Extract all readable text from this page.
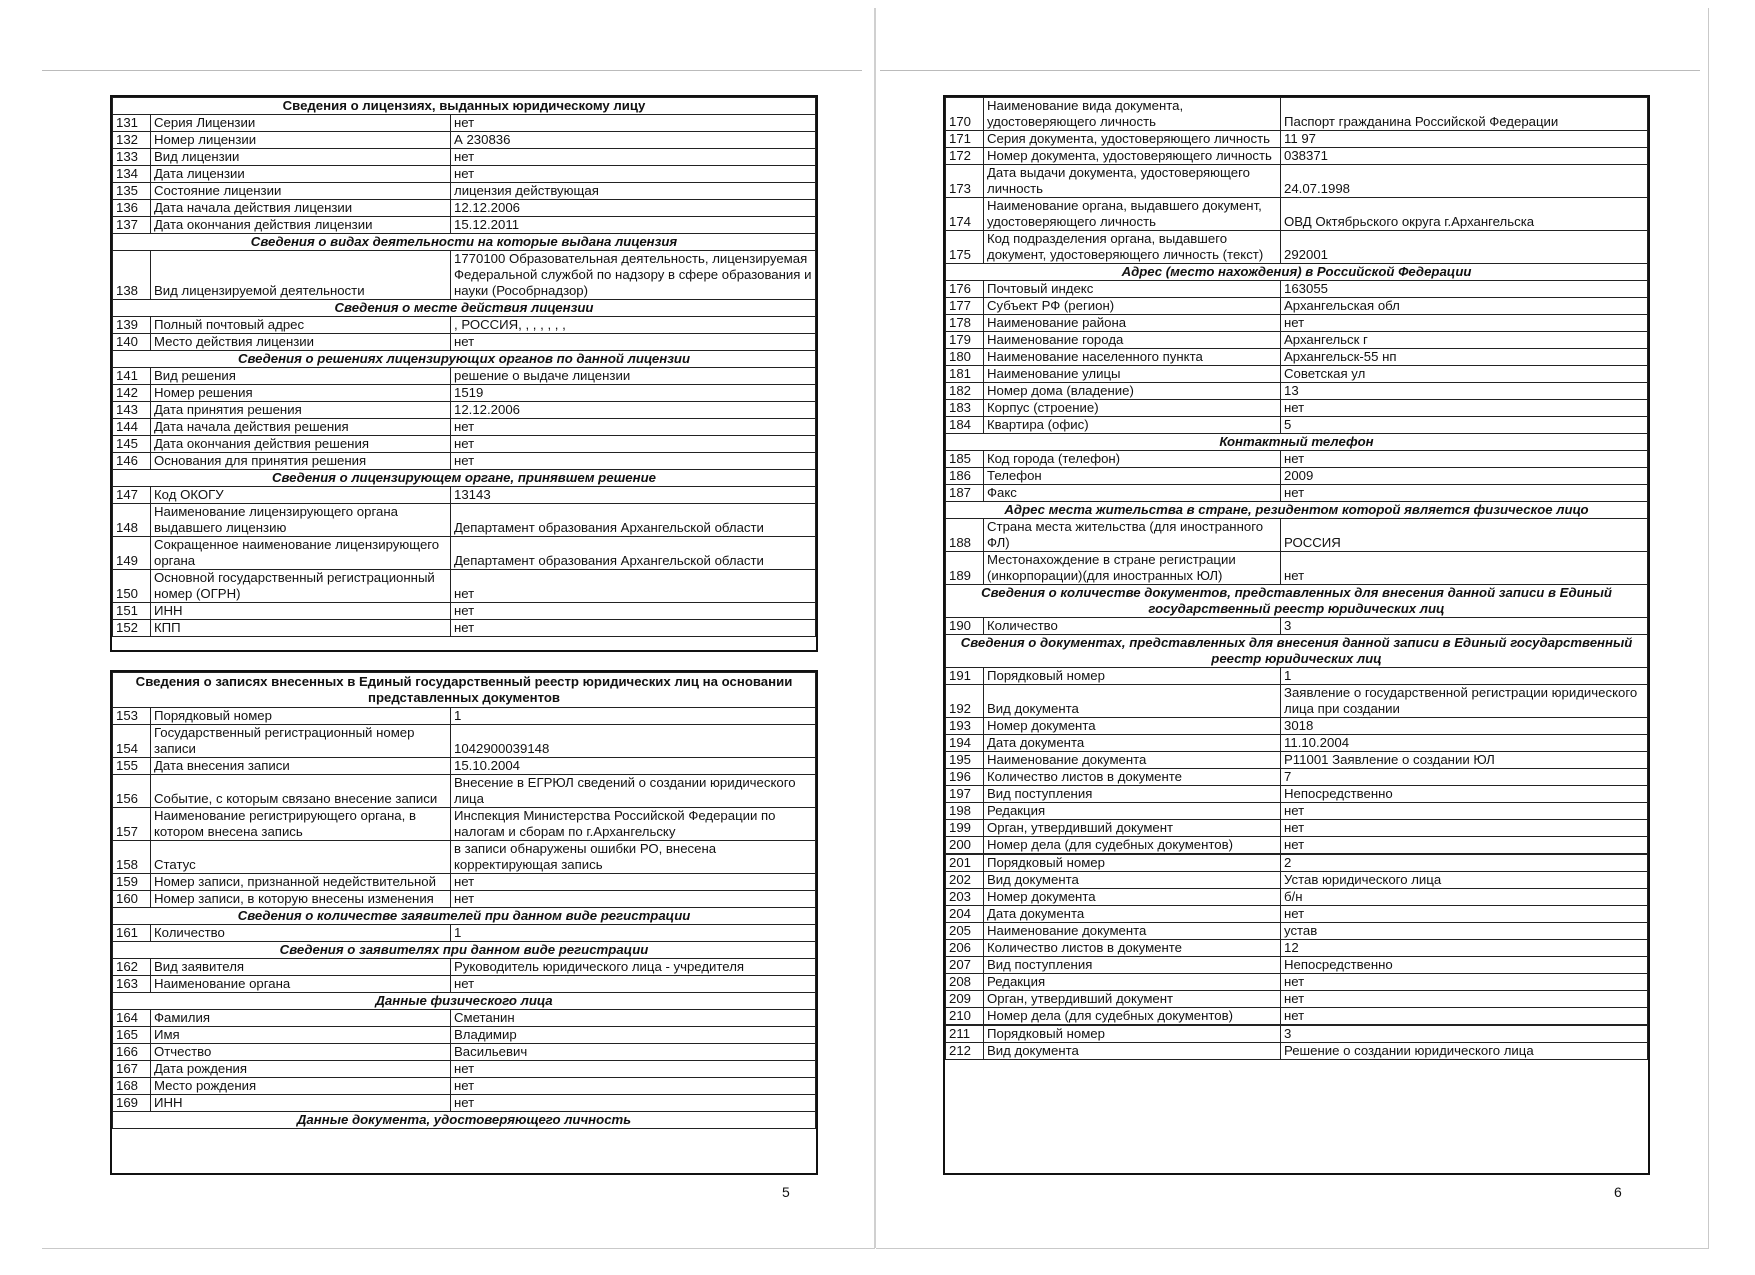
Сведения о лицензиях, выданных юридическому лицу		
131	Серия Лицензии	нет
132	Номер лицензии	А 230836
133	Вид лицензии	нет
134	Дата лицензии	нет
135	Состояние лицензии	лицензия действующая
136	Дата начала действия лицензии	12.12.2006
137	Дата окончания действия лицензии	15.12.2011
Сведения о видах деятельности на которые выдана лицензия		
138	Вид лицензируемой деятельности	1770100 Образовательная деятельность, лицензируемая Федеральной службой по надзору в сфере образования и науки (Рособрнадзор)
Сведения о месте действия лицензии		
139	Полный почтовый адрес	, РОССИЯ, , , , , , ,
140	Место действия лицензии	нет
Сведения о решениях лицензирующих органов по данной лицензии		
141	Вид решения	решение о выдаче лицензии
142	Номер решения	1519
143	Дата принятия решения	12.12.2006
144	Дата начала действия решения	нет
145	Дата окончания действия решения	нет
146	Основания для принятия решения	нет
Сведения о лицензирующем органе, принявшем решение		
147	Код ОКОГУ	13143
148	Наименование лицензирующего органа выдавшего лицензию	Департамент образования Архангельской области
149	Сокращенное наименование лицензирующего органа	Департамент образования Архангельской области
150	Основной государственный регистрационный номер (ОГРН)	нет
151	ИНН	нет
152	КПП	нет
Сведения о записях внесенных в Единый государственный реестр юридических лиц на основании представленных документов		
153	Порядковый номер	1
154	Государственный регистрационный номер записи	1042900039148
155	Дата внесения записи	15.10.2004
156	Событие, с которым связано внесение записи	Внесение в ЕГРЮЛ сведений о создании юридического лица
157	Наименование регистрирующего органа, в котором внесена запись	Инспекция Министерства Российской Федерации по налогам и сборам по г.Архангельску
158	Статус	в записи обнаружены ошибки РО, внесена корректирующая запись
159	Номер записи, признанной недействительной	нет
160	Номер записи, в которую внесены изменения	нет
Сведения о количестве заявителей при данном виде регистрации		
161	Количество	1
Сведения о заявителях при данном виде регистрации		
162	Вид заявителя	Руководитель юридического лица - учредителя
163	Наименование органа	нет
Данные физического лица		
164	Фамилия	Сметанин
165	Имя	Владимир
166	Отчество	Васильевич
167	Дата рождения	нет
168	Место рождения	нет
169	ИНН	нет
Данные документа, удостоверяющего личность		
170	Наименование вида документа, удостоверяющего личность	Паспорт гражданина Российской Федерации
171	Серия документа, удостоверяющего личность	11 97
172	Номер документа, удостоверяющего личность	038371
173	Дата выдачи документа, удостоверяющего личность	24.07.1998
174	Наименование органа, выдавшего документ, удостоверяющего личность	ОВД Октябрьского округа г.Архангельска
175	Код подразделения органа, выдавшего документ, удостоверяющего личность (текст)	292001
Адрес (место нахождения) в Российской Федерации		
176	Почтовый индекс	163055
177	Субъект РФ (регион)	Архангельская обл
178	Наименование района	нет
179	Наименование города	Архангельск г
180	Наименование населенного пункта	Архангельск-55 нп
181	Наименование улицы	Советская ул
182	Номер дома (владение)	13
183	Корпус (строение)	нет
184	Квартира (офис)	5
Контактный телефон		
185	Код города (телефон)	нет
186	Телефон	2009
187	Факс	нет
Адрес места жительства в стране, резидентом которой является физическое лицо		
188	Страна места жительства (для иностранного ФЛ)	РОССИЯ
189	Местонахождение в стране регистрации (инкорпорации)(для иностранных ЮЛ)	нет
Сведения о количестве документов, представленных для внесения данной записи в Единый государственный реестр юридических лиц		
190	Количество	3
Сведения о документах, представленных для внесения данной записи в Единый государственный реестр юридических лиц		
191	Порядковый номер	1
192	Вид документа	Заявление о государственной регистрации юридического лица при создании
193	Номер документа	3018
194	Дата документа	11.10.2004
195	Наименование документа	Р11001 Заявление о создании ЮЛ
196	Количество листов в документе	7
197	Вид поступления	Непосредственно
198	Редакция	нет
199	Орган, утвердивший документ	нет
200	Номер дела (для судебных документов)	нет

201	Порядковый номер	2
202	Вид документа	Устав юридического лица
203	Номер документа	б/н
204	Дата документа	нет
205	Наименование документа	устав
206	Количество листов в документе	12
207	Вид поступления	Непосредственно
208	Редакция	нет
209	Орган, утвердивший документ	нет
210	Номер дела (для судебных документов)	нет

211	Порядковый номер	3
212	Вид документа	Решение о создании юридического лица
5	6
